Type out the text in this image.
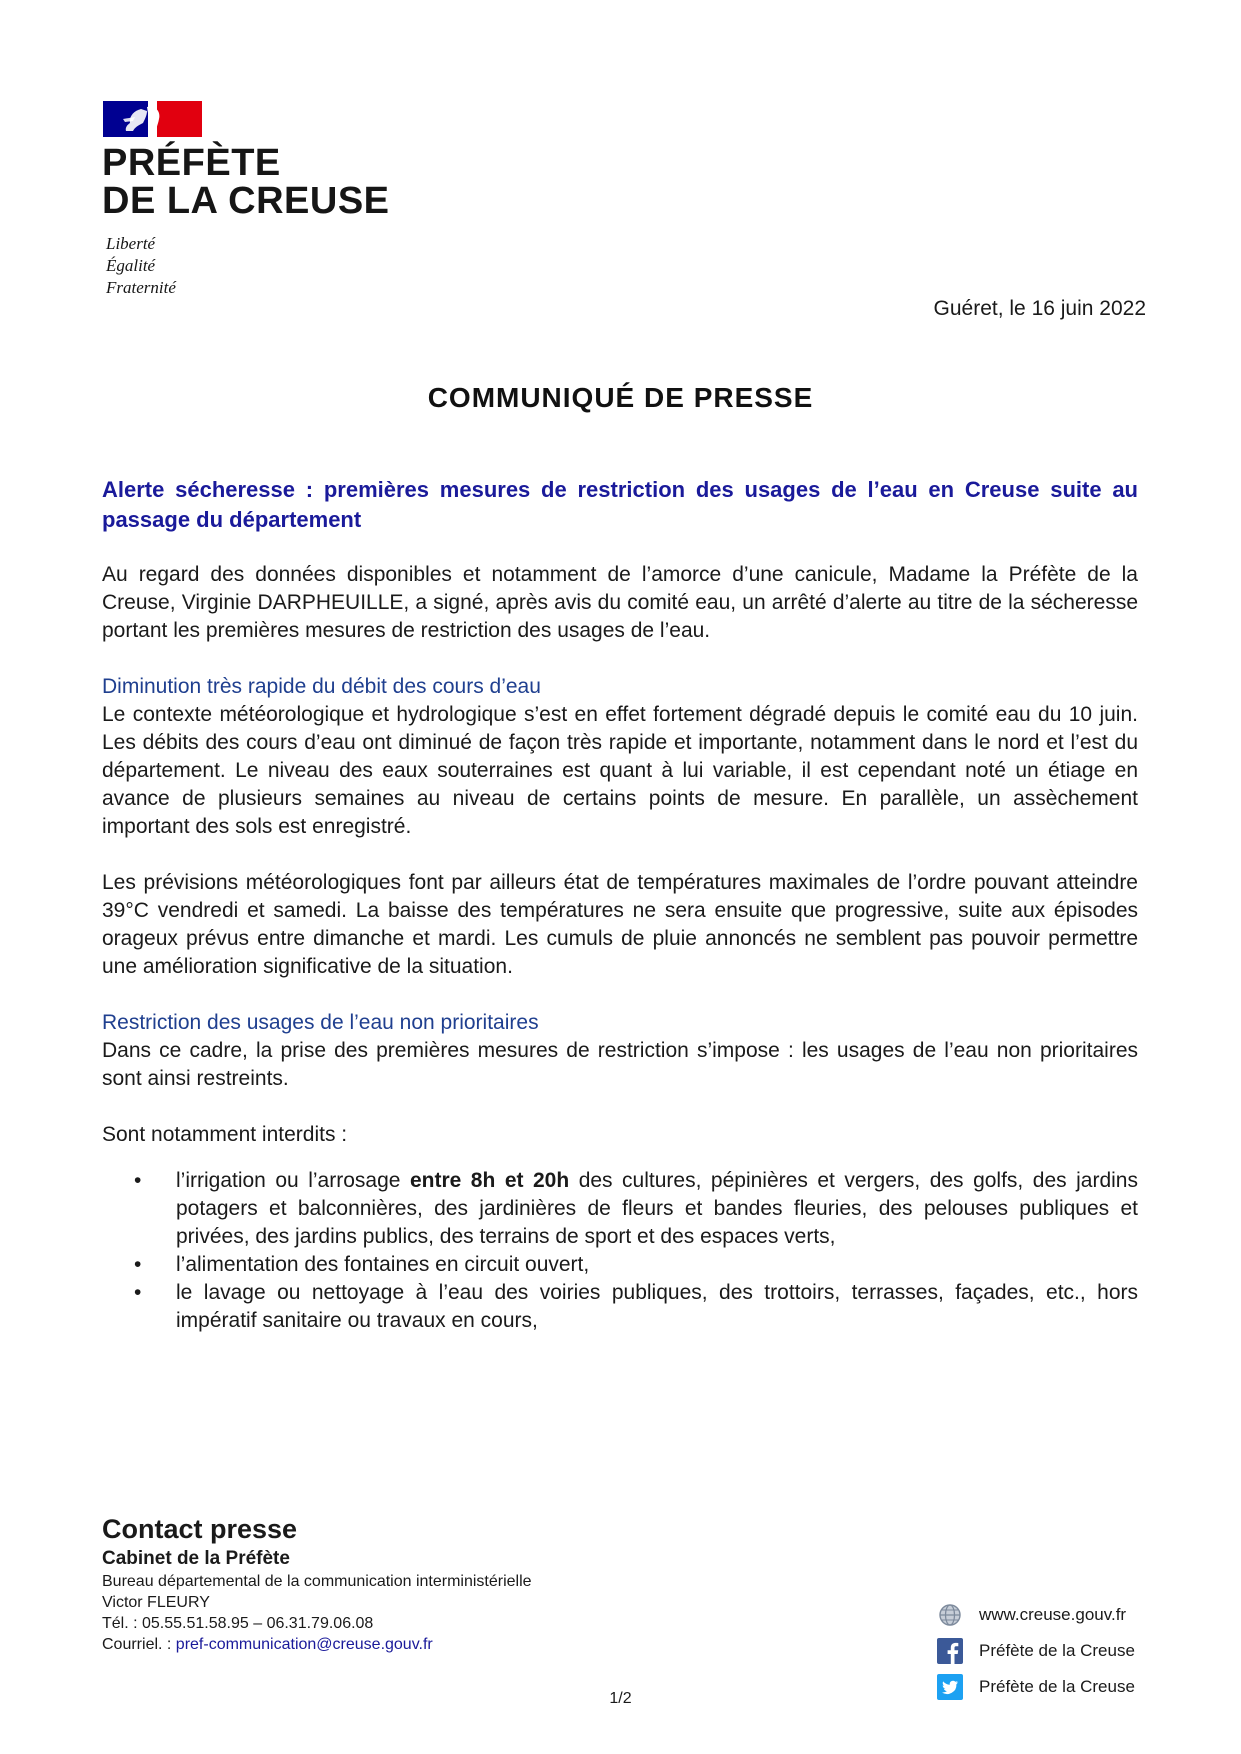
PRÉFÈTE
DE LA CREUSE
Liberté
Égalité
Fraternité
Guéret, le 16 juin 2022
COMMUNIQUÉ DE PRESSE

Alerte sécheresse : premières mesures de restriction des usages de l’eau en Creuse suite au passage du département

Au regard des données disponibles et notamment de l’amorce d’une canicule, Madame la Préfète de la Creuse, Virginie DARPHEUILLE, a signé, après avis du comité eau, un arrêté d’alerte au titre de la sécheresse portant les premières mesures de restriction des usages de l’eau.

Diminution très rapide du débit des cours d’eau

Le contexte météorologique et hydrologique s’est en effet fortement dégradé depuis le comité eau du 10 juin. Les débits des cours d’eau ont diminué de façon très rapide et importante, notamment dans le nord et l’est du département. Le niveau des eaux souterraines est quant à lui variable, il est cependant noté un étiage en avance de plusieurs semaines au niveau de certains points de mesure. En parallèle, un assèchement important des sols est enregistré.

Les prévisions météorologiques font par ailleurs état de températures maximales de l’ordre pouvant atteindre 39°C vendredi et samedi. La baisse des températures ne sera ensuite que progressive, suite aux épisodes orageux prévus entre dimanche et mardi. Les cumuls de pluie annoncés ne semblent pas pouvoir permettre une amélioration significative de la situation.

Restriction des usages de l’eau non prioritaires

Dans ce cadre, la prise des premières mesures de restriction s’impose : les usages de l’eau non prioritaires sont ainsi restreints.

Sont notamment interdits :

• l’irrigation ou l’arrosage entre 8h et 20h des cultures, pépinières et vergers, des golfs, des jardins potagers et balconnières, des jardinières de fleurs et bandes fleuries, des pelouses publiques et privées, des jardins publics, des terrains de sport et des espaces verts,
• l’alimentation des fontaines en circuit ouvert,
• le lavage ou nettoyage à l’eau des voiries publiques, des trottoirs, terrasses, façades, etc., hors impératif sanitaire ou travaux en cours,
Contact presse
Cabinet de la Préfète
Bureau départemental de la communication interministérielle
Victor FLEURY
Tél. : 05.55.51.58.95 – 06.31.79.06.08
Courriel. : pref-communication@creuse.gouv.fr
www.creuse.gouv.fr
Préfète de la Creuse
Préfète de la Creuse
1/2
